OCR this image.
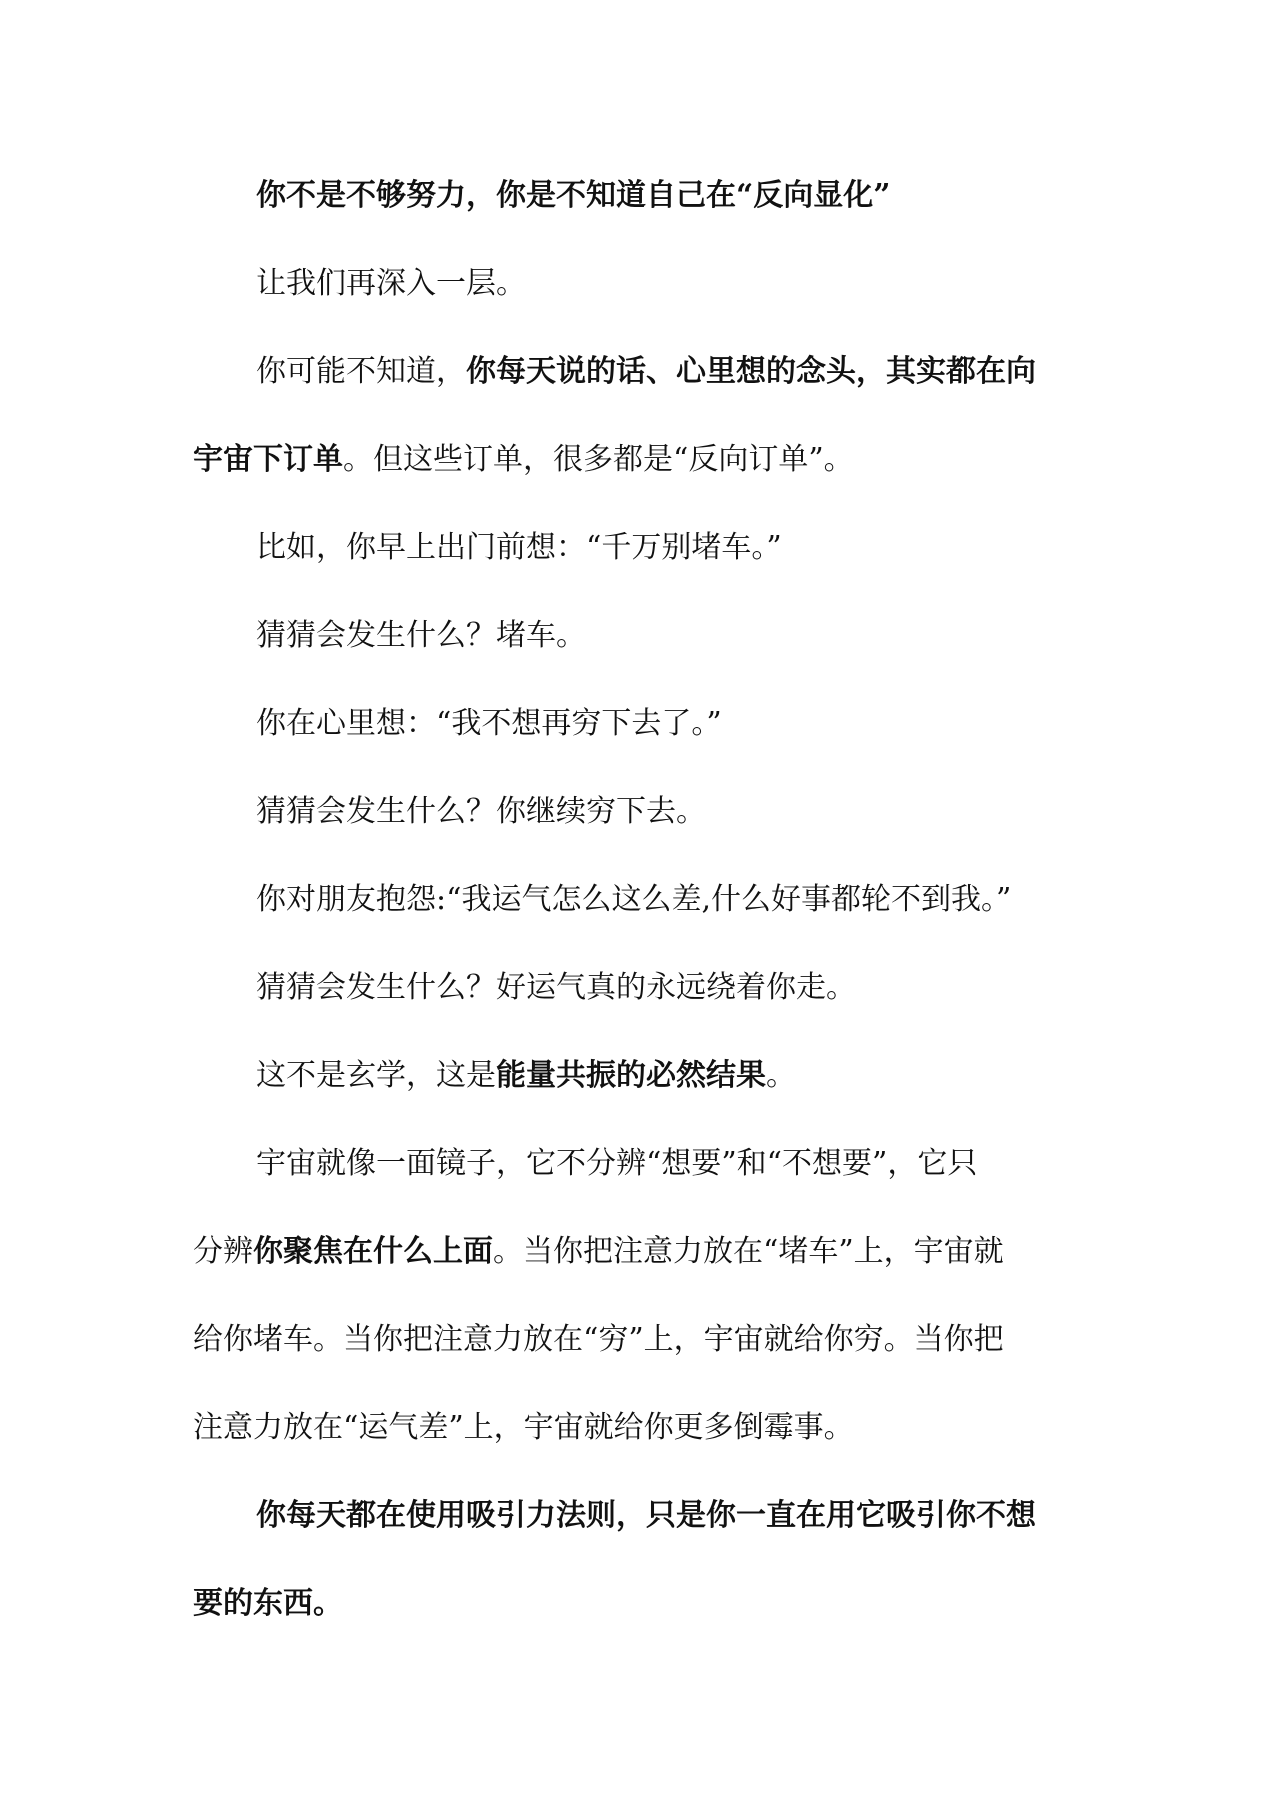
你不是不够努力，你是不知道自己在“反向显化”
让我们再深入一层。
你可能不知道，你每天说的话、心里想的念头，其实都在向
宇宙下订单。但这些订单，很多都是“反向订单”。
比如，你早上出门前想：“千万别堵车。”
猜猜会发生什么？堵车。
你在心里想：“我不想再穷下去了。”
猜猜会发生什么？你继续穷下去。
你对朋友抱怨:“我运气怎么这么差,什么好事都轮不到我。”
猜猜会发生什么？好运气真的永远绕着你走。
这不是玄学，这是能量共振的必然结果。
宇宙就像一面镜子，它不分辨“想要”和“不想要”，它只
分辨你聚焦在什么上面。当你把注意力放在“堵车”上，宇宙就
给你堵车。当你把注意力放在“穷”上，宇宙就给你穷。当你把
注意力放在“运气差”上，宇宙就给你更多倒霉事。
你每天都在使用吸引力法则，只是你一直在用它吸引你不想
要的东西。
